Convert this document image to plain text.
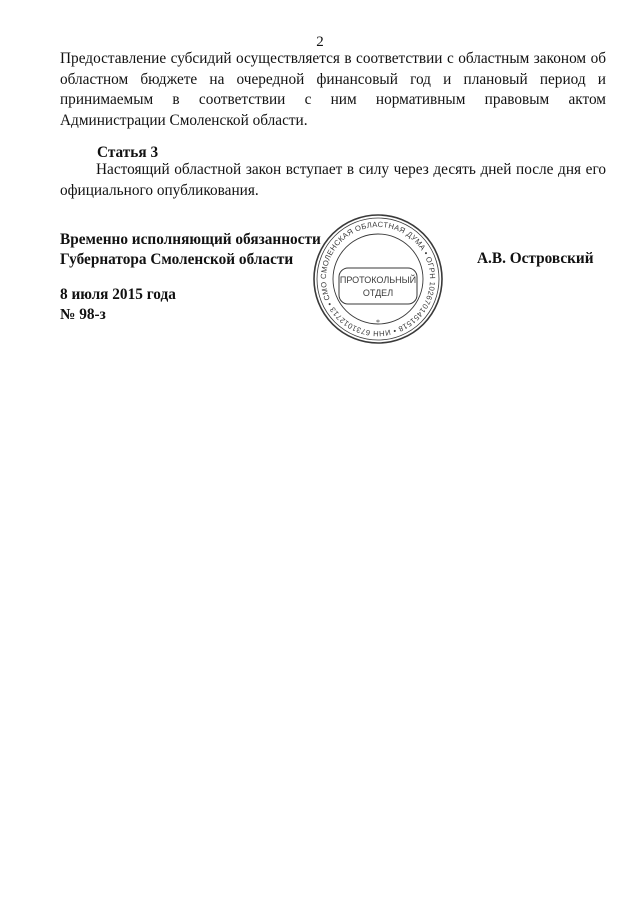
2

Предоставление субсидий осуществляется в соответствии с областным законом об областном бюджете на очередной финансовый год и плановый период и принимаемым в соответствии с ним нормативным правовым актом Администрации Смоленской области.

Статья 3

Настоящий областной закон вступает в силу через десять дней после дня его официального опубликования.

Временно исполняющий обязанности
Губернатора Смоленской области	А.В. Островский
8 июля 2015 года
№ 98-з
СМОЛЕНСКАЯ ОБЛАСТНАЯ ДУМА • ОГРН 1026701451518 • ИНН 6731012713 • СМО	ПРОТОКОЛЬНЫЙ
ОТДЕЛ
*
